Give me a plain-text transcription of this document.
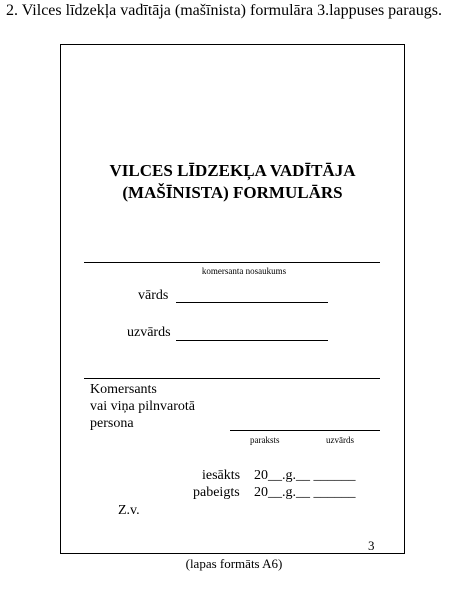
2. Vilces līdzekļa vadītāja (mašīnista) formulāra 3.lappuses paraugs.
VILCES LĪDZEKĻA VADĪTĀJA
(MAŠĪNISTA) FORMULĀRS
komersanta nosaukums
vārds
uzvārds
Komersants
vai viņa pilnvarotā
persona
paraksts	uzvārds
iesākts 20__.g.__ ______
pabeigts 20__.g.__ ______
Z.v.
3
(lapas formāts A6)
